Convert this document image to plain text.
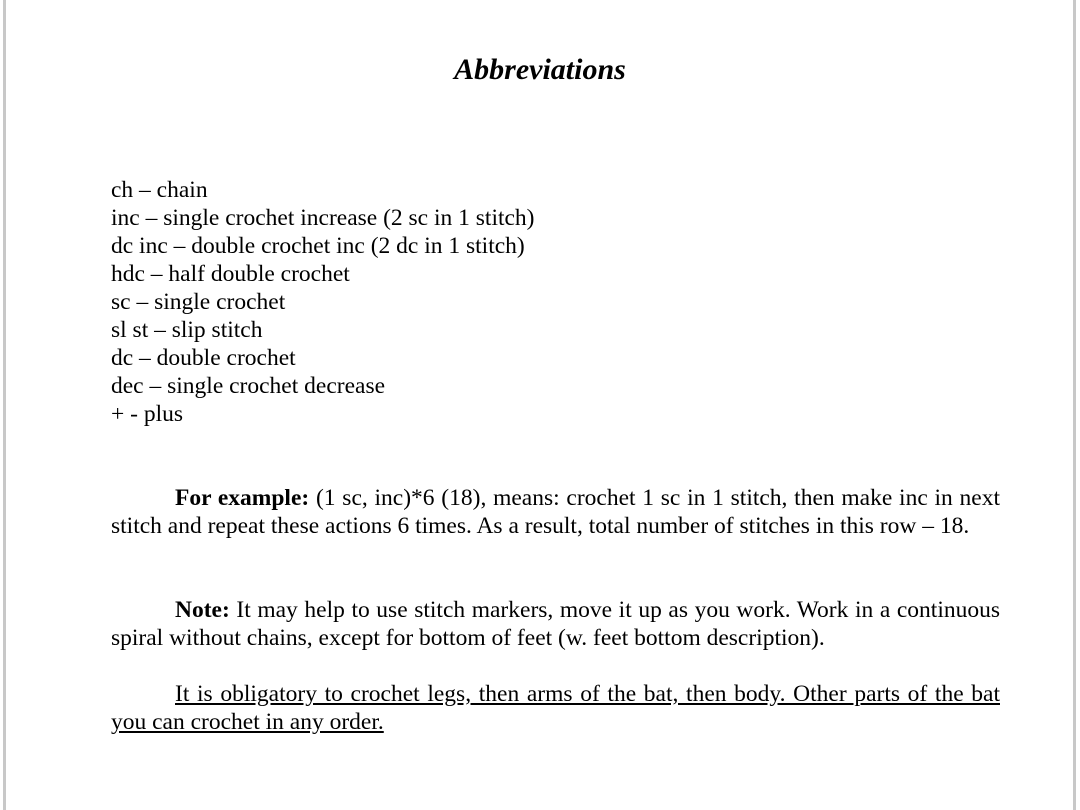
Abbreviations
ch – chain
inc – single crochet increase (2 sc in 1 stitch)
dc inc – double crochet inc (2 dc in 1 stitch)
hdc – half double crochet
sc – single crochet
sl st – slip stitch
dc – double crochet
dec – single crochet decrease
+ - plus

For example: (1 sc, inc)*6 (18), means: crochet 1 sc in 1 stitch, then make inc in next stitch and repeat these actions 6 times. As a result, total number of stitches in this row – 18.

Note: It may help to use stitch markers, move it up as you work. Work in a continuous spiral without chains, except for bottom of feet (w. feet bottom description).

It is obligatory to crochet legs, then arms of the bat, then body. Other parts of the bat you can crochet in any order.
